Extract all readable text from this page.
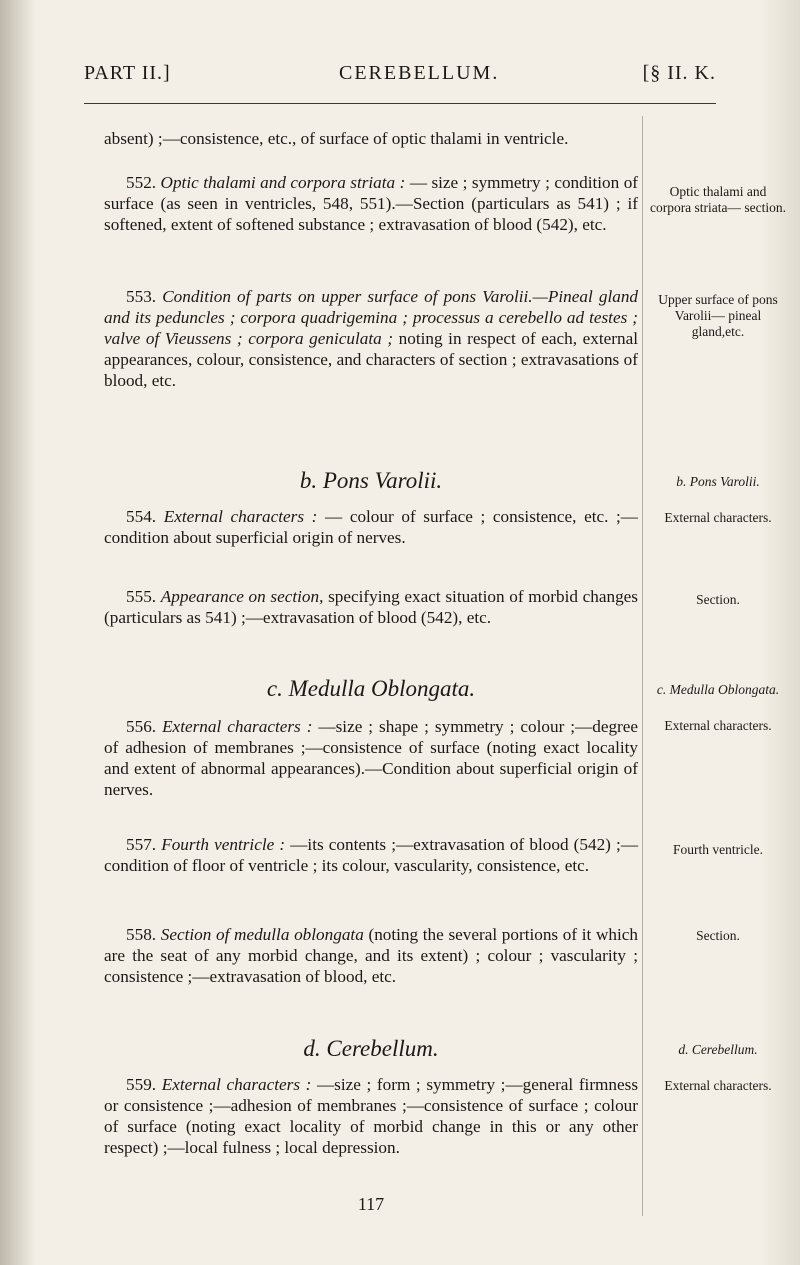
PART II.]	CEREBELLUM.	[§ II. K.
absent) ;—consistence, etc., of surface of optic thalami in ventricle.
552. Optic thalami and corpora striata : — size ; symmetry ; condition of surface (as seen in ventricles, 548, 551).—Section (particulars as 541) ; if softened, extent of softened substance ; extravasation of blood (542), etc.
553. Condition of parts on upper surface of pons Varolii.—Pineal gland and its peduncles ; corpora quadrigemina ; processus a cerebello ad testes ; valve of Vieussens ; corpora geniculata ; noting in respect of each, external appearances, colour, consistence, and characters of section ; extravasations of blood, etc.
b. Pons Varolii.
554. External characters : — colour of surface ; consistence, etc. ;—condition about superficial origin of nerves.
555. Appearance on section, specifying exact situation of morbid changes (particulars as 541) ;—extravasation of blood (542), etc.
c. Medulla Oblongata.
556. External characters : —size ; shape ; symmetry ; colour ;—degree of adhesion of membranes ;—consistence of surface (noting exact locality and extent of abnormal appearances).—Condition about superficial origin of nerves.
557. Fourth ventricle : —its contents ;—extravasation of blood (542) ;—condition of floor of ventricle ; its colour, vascularity, consistence, etc.
558. Section of medulla oblongata (noting the several portions of it which are the seat of any morbid change, and its extent) ; colour ; vascularity ; consistence ;—extravasation of blood, etc.
d. Cerebellum.
559. External characters : —size ; form ; symmetry ;—general firmness or consistence ;—adhesion of membranes ;—consistence of surface ; colour of surface (noting exact locality of morbid change in this or any other respect) ;—local fulness ; local depression.
117
Optic thalami and corpora striata— section.
Upper surface of pons Varolii— pineal gland,etc.
b. Pons Varolii.
External characters.
Section.
c. Medulla Oblongata.
External characters.
Fourth ventricle.
Section.
d. Cerebellum.
External characters.
